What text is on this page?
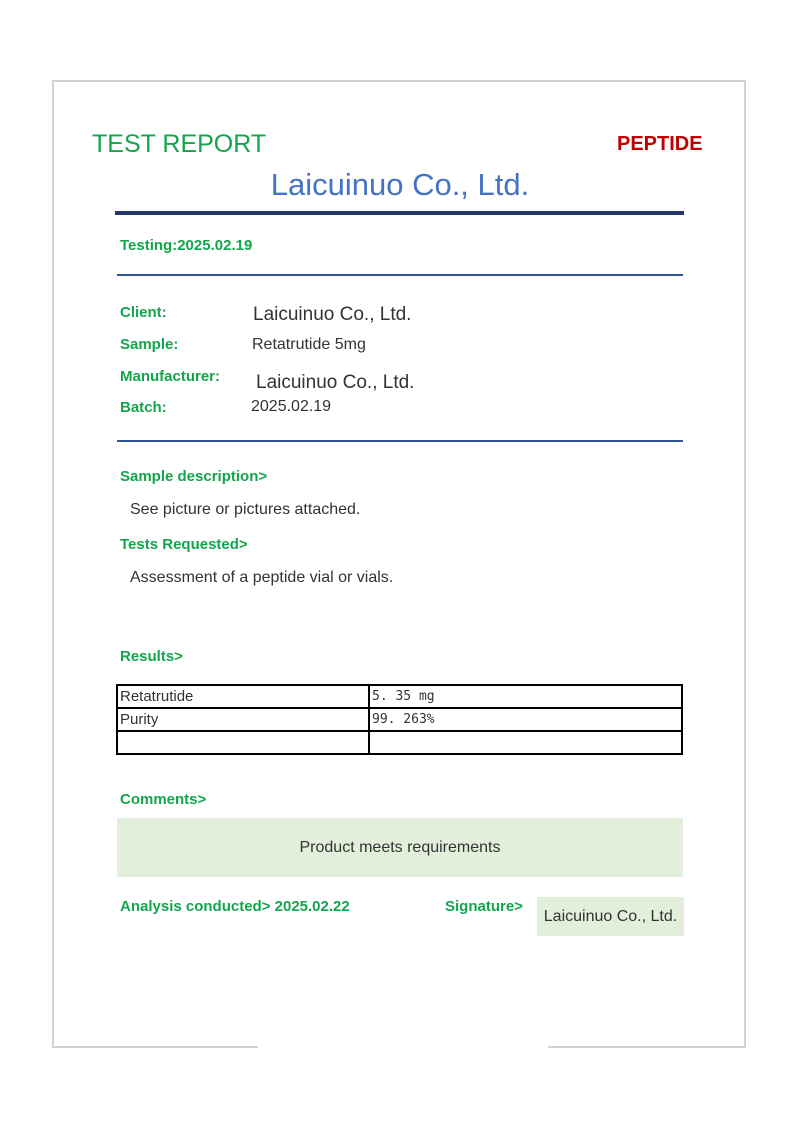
TEST REPORT	PEPTIDE
Laicuinuo Co., Ltd.
Testing:2025.02.19
Client:	Laicuinuo Co., Ltd.
Sample:	Retatrutide 5mg
Manufacturer: Laicuinuo Co., Ltd.
Batch:	2025.02.19
Sample description>
See picture or pictures attached.
Tests Requested>
Assessment of a peptide vial or vials.
Results>
Retatrutide	5. 35 mg
Purity	99. 263%

Comments>
Product meets requirements
Analysis conducted> 2025.02.22	Signature>
Laicuinuo Co., Ltd.
